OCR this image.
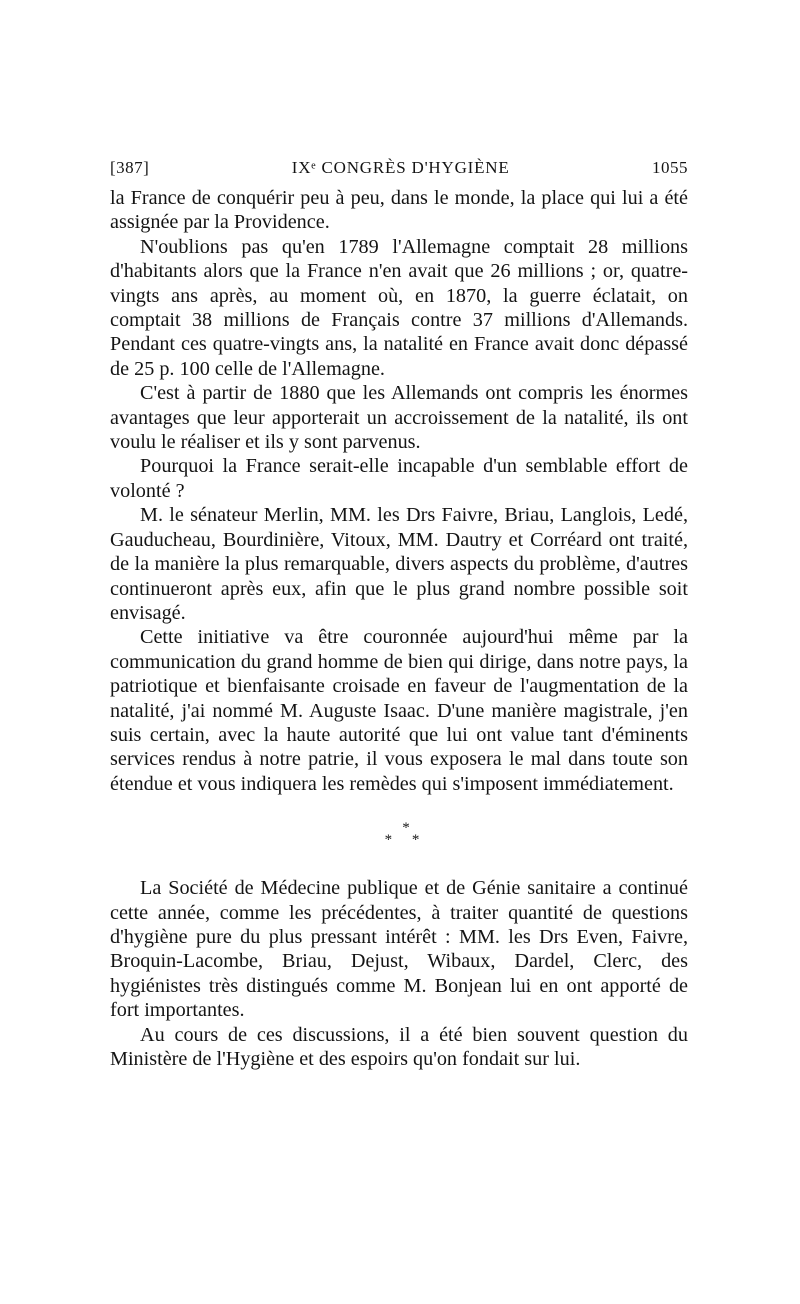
[387]	IXᵉ CONGRÈS D'HYGIÈNE	1055

la France de conquérir peu à peu, dans le monde, la place qui lui a été assignée par la Providence.

N'oublions pas qu'en 1789 l'Allemagne comptait 28 millions d'habitants alors que la France n'en avait que 26 millions ; or, quatre-vingts ans après, au moment où, en 1870, la guerre éclatait, on comptait 38 millions de Français contre 37 millions d'Allemands. Pendant ces quatre-vingts ans, la natalité en France avait donc dépassé de 25 p. 100 celle de l'Allemagne.

C'est à partir de 1880 que les Allemands ont compris les énormes avantages que leur apporterait un accroissement de la natalité, ils ont voulu le réaliser et ils y sont parvenus.

Pourquoi la France serait-elle incapable d'un semblable effort de volonté ?

M. le sénateur Merlin, MM. les Drs Faivre, Briau, Langlois, Ledé, Gauducheau, Bourdinière, Vitoux, MM. Dautry et Corréard ont traité, de la manière la plus remarquable, divers aspects du problème, d'autres continueront après eux, afin que le plus grand nombre possible soit envisagé.

Cette initiative va être couronnée aujourd'hui même par la communication du grand homme de bien qui dirige, dans notre pays, la patriotique et bienfaisante croisade en faveur de l'augmentation de la natalité, j'ai nommé M. Auguste Isaac. D'une manière magistrale, j'en suis certain, avec la haute autorité que lui ont value tant d'éminents services rendus à notre patrie, il vous exposera le mal dans toute son étendue et vous indiquera les remèdes qui s'imposent immédiatement.

*
* *

La Société de Médecine publique et de Génie sanitaire a continué cette année, comme les précédentes, à traiter quantité de questions d'hygiène pure du plus pressant intérêt : MM. les Drs Even, Faivre, Broquin-Lacombe, Briau, Dejust, Wibaux, Dardel, Clerc, des hygiénistes très distingués comme M. Bonjean lui en ont apporté de fort importantes.

Au cours de ces discussions, il a été bien souvent question du Ministère de l'Hygiène et des espoirs qu'on fondait sur lui.
